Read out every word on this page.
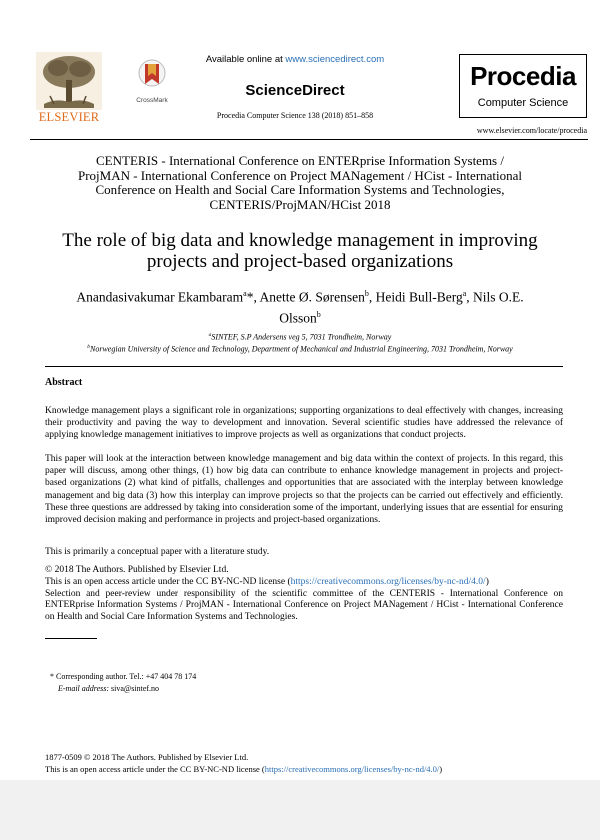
ELSEVIER
CrossMark
Available online at www.sciencedirect.com
ScienceDirect
Procedia Computer Science 138 (2018) 851–858
Procedia
Computer Science
www.elsevier.com/locate/procedia
CENTERIS - International Conference on ENTERprise Information Systems /
ProjMAN - International Conference on Project MANagement / HCist - International
Conference on Health and Social Care Information Systems and Technologies,
CENTERIS/ProjMAN/HCist 2018
The role of big data and knowledge management in improving
projects and project-based organizations
Anandasivakumar Ekambaram$^a$*, Anette Ø. Sørensen$^b$, Heidi Bull-Berg$^a$, Nils O.E.
Olsson$^b$
$^a$SINTEF, S.P Andersens veg 5, 7031 Trondheim, Norway
$^b$Norwegian University of Science and Technology, Department of Mechanical and Industrial Engineering, 7031 Trondheim, Norway
Abstract
Knowledge management plays a significant role in organizations; supporting organizations to deal effectively with changes, increasing their productivity and paving the way to development and innovation. Several scientific studies have addressed the relevance of applying knowledge management initiatives to improve projects as well as organizations that conduct projects.
This paper will look at the interaction between knowledge management and big data within the context of projects. In this regard, this paper will discuss, among other things, (1) how big data can contribute to enhance knowledge management in projects and project-based organizations (2) what kind of pitfalls, challenges and opportunities that are associated with the interplay between knowledge management and big data (3) how this interplay can improve projects so that the projects can be carried out effectively and efficiently. These three questions are addressed by taking into consideration some of the important, underlying issues that are essential for ensuring improved decision making and performance in projects and project-based organizations.
This is primarily a conceptual paper with a literature study.
© 2018 The Authors. Published by Elsevier Ltd.
This is an open access article under the CC BY-NC-ND license (https://creativecommons.org/licenses/by-nc-nd/4.0/)
Selection and peer-review under responsibility of the scientific committee of the CENTERIS - International Conference on ENTERprise Information Systems / ProjMAN - International Conference on Project MANagement / HCist - International Conference on Health and Social Care Information Systems and Technologies.
* Corresponding author. Tel.: +47 404 78 174
E-mail address: siva@sintef.no
1877-0509 © 2018 The Authors. Published by Elsevier Ltd.
This is an open access article under the CC BY-NC-ND license (https://creativecommons.org/licenses/by-nc-nd/4.0/)
